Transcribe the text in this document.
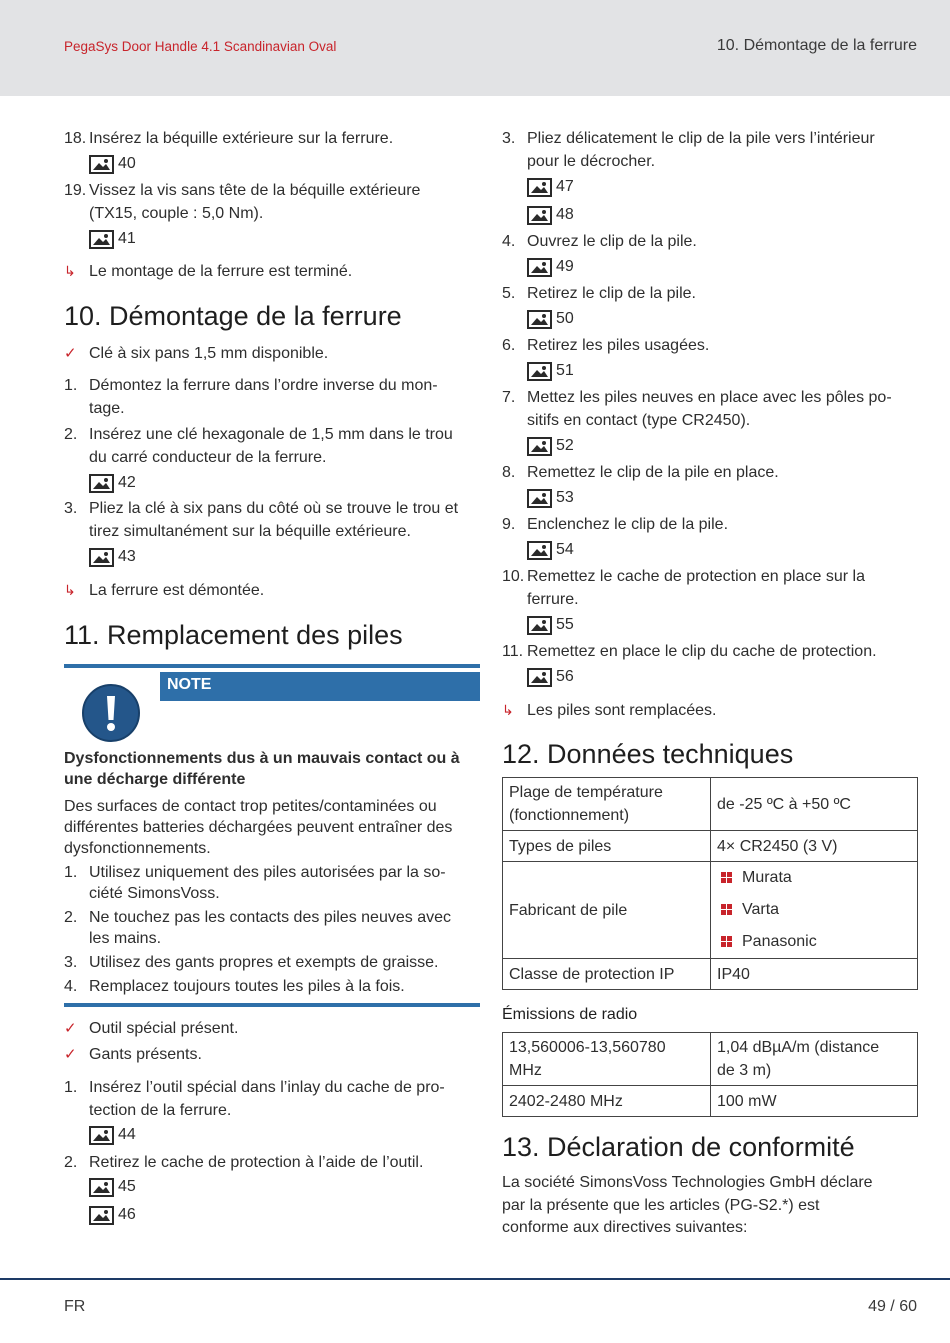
PegaSys Door Handle 4.1 Scandinavian Oval	10. Démontage de la ferrure
18. Insérez la béquille extérieure sur la ferrure.
40
19. Vissez la vis sans tête de la béquille extérieure
(TX15, couple : 5,0 Nm).
41
↳ Le montage de la ferrure est terminé.
10. Démontage de la ferrure
✓ Clé à six pans 1,5 mm disponible.
1. Démontez la ferrure dans l’ordre inverse du mon-
tage.
2. Insérez une clé hexagonale de 1,5 mm dans le trou
du carré conducteur de la ferrure.
42
3. Pliez la clé à six pans du côté où se trouve le trou et
tirez simultanément sur la béquille extérieure.
43
↳ La ferrure est démontée.
11. Remplacement des piles
NOTE
Dysfonctionnements dus à un mauvais contact ou à
une décharge différente
Des surfaces de contact trop petites/contaminées ou
différentes batteries déchargées peuvent entraîner des
dysfonctionnements.
1. Utilisez uniquement des piles autorisées par la so-
ciété SimonsVoss.
2. Ne touchez pas les contacts des piles neuves avec
les mains.
3. Utilisez des gants propres et exempts de graisse.
4. Remplacez toujours toutes les piles à la fois.
✓ Outil spécial présent.
✓ Gants présents.
1. Insérez l’outil spécial dans l’inlay du cache de pro-
tection de la ferrure.
44
2. Retirez le cache de protection à l’aide de l’outil.
45
46
3. Pliez délicatement le clip de la pile vers l’intérieur
pour le décrocher.
47
48
4. Ouvrez le clip de la pile.
49
5. Retirez le clip de la pile.
50
6. Retirez les piles usagées.
51
7. Mettez les piles neuves en place avec les pôles po-
sitifs en contact (type CR2450).
52
8. Remettez le clip de la pile en place.
53
9. Enclenchez le clip de la pile.
54
10. Remettez le cache de protection en place sur la
ferrure.
55
11. Remettez en place le clip du cache de protection.
56
↳ Les piles sont remplacées.
12. Données techniques
Plage de température
(fonctionnement)	de -25 ºC à +50 ºC
Types de piles	4× CR2450 (3 V)
Fabricant de pile	Murata
Varta
Panasonic

Classe de protection IP	IP40
Émissions de radio
13,560006-13,560780
MHz	1,04 dBµA/m (distance
de 3 m)
2402-2480 MHz	100 mW
13. Déclaration de conformité
La société SimonsVoss Technologies GmbH déclare
par la présente que les articles (PG-S2.*) est
conforme aux directives suivantes:
FR	49 / 60
